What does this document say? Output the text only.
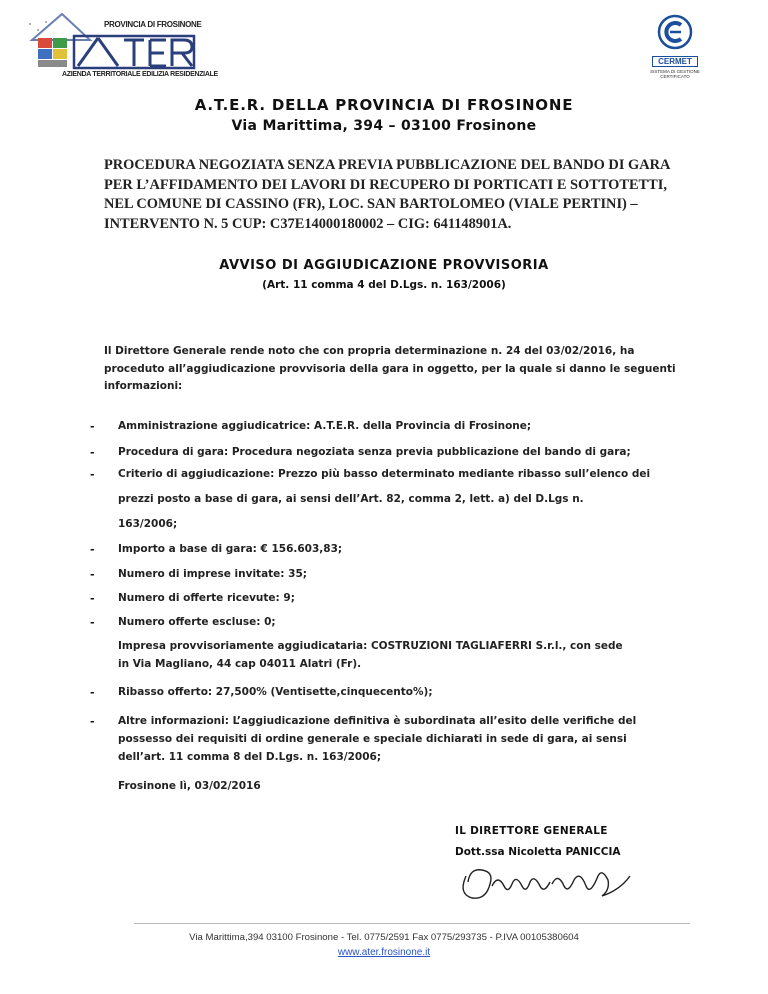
PROVINCIA DI FROSINONE
AZIENDA TERRITORIALE EDILIZIA RESIDENZIALE
CERMET
SISTEMA DI GESTIONE CERTIFICATO
A.T.E.R. DELLA PROVINCIA DI FROSINONE
Via Marittima, 394 – 03100 Frosinone
PROCEDURA NEGOZIATA SENZA PREVIA PUBBLICAZIONE DEL BANDO DI GARA
PER L’AFFIDAMENTO DEI LAVORI DI RECUPERO DI PORTICATI E SOTTOTETTI,
NEL COMUNE DI CASSINO (FR), LOC. SAN BARTOLOMEO (VIALE PERTINI) –
INTERVENTO N. 5 CUP: C37E14000180002 – CIG: 641148901A.
AVVISO DI AGGIUDICAZIONE PROVVISORIA
(Art. 11 comma 4 del D.Lgs. n. 163/2006)
Il Direttore Generale rende noto che con propria determinazione n. 24 del 03/02/2016, ha
proceduto all’aggiudicazione provvisoria della gara in oggetto, per la quale si danno le seguenti
informazioni:
- Amministrazione aggiudicatrice: A.T.E.R. della Provincia di Frosinone;
- Procedura di gara: Procedura negoziata senza previa pubblicazione del bando di gara;
- Criterio di aggiudicazione: Prezzo più basso determinato mediante ribasso sull’elenco dei
prezzi posto a base di gara, ai sensi dell’Art. 82, comma 2, lett. a) del D.Lgs n.
163/2006;
- Importo a base di gara: € 156.603,83;
- Numero di imprese invitate: 35;
- Numero di offerte ricevute: 9;
- Numero offerte escluse: 0;
Impresa provvisoriamente aggiudicataria: COSTRUZIONI TAGLIAFERRI S.r.l., con sede
in Via Magliano, 44 cap 04011 Alatri (Fr).
- Ribasso offerto: 27,500% (Ventisette,cinquecento%);
- Altre informazioni: L’aggiudicazione definitiva è subordinata all’esito delle verifiche del
possesso dei requisiti di ordine generale e speciale dichiarati in sede di gara, ai sensi
dell’art. 11 comma 8 del D.Lgs. n. 163/2006;
Frosinone lì, 03/02/2016
IL DIRETTORE GENERALE
Dott.ssa Nicoletta PANICCIA
Via Marittima,394 03100 Frosinone - Tel. 0775/2591 Fax 0775/293735 - P.IVA 00105380604
www.ater.frosinone.it
